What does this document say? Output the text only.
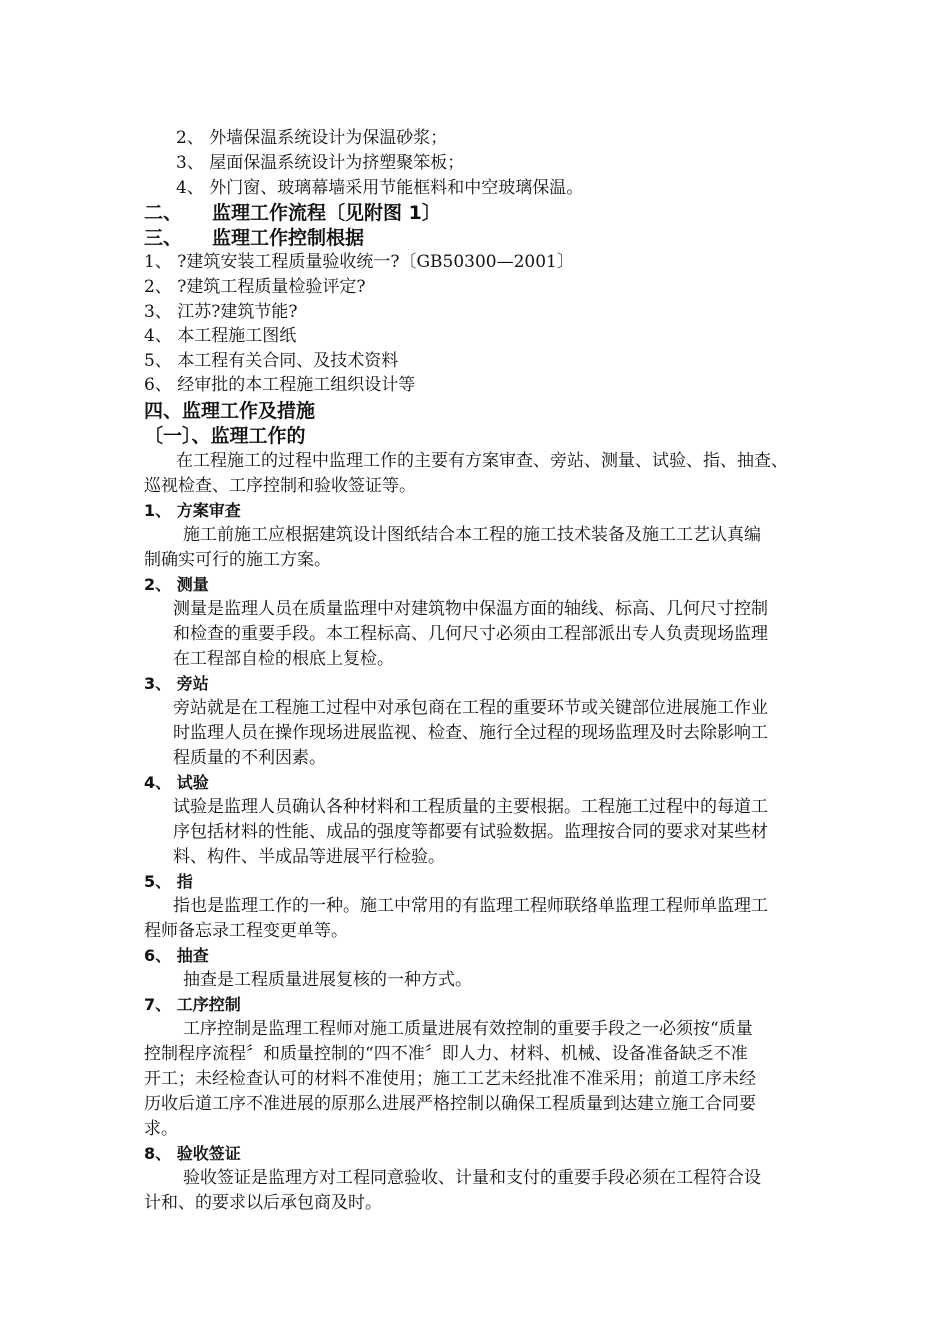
2、 外墙保温系统设计为保温砂浆；
3、 屋面保温系统设计为挤塑聚笨板；
4、 外门窗、玻璃幕墙采用节能框料和中空玻璃保温。
二、 监理工作流程〔见附图 1〕
三、 监理工作控制根据
1、 ?建筑安装工程质量验收统一?〔GB50300—2001〕
2、 ?建筑工程质量检验评定?
3、 江苏?建筑节能?
4、 本工程施工图纸
5、 本工程有关合同、及技术资料
6、 经审批的本工程施工组织设计等
四、监理工作及措施
〔一〕、监理工作的
在工程施工的过程中监理工作的主要有方案审查、旁站、测量、试验、指、抽查、
巡视检查、工序控制和验收签证等。
1、 方案审查
施工前施工应根据建筑设计图纸结合本工程的施工技术装备及施工工艺认真编
制确实可行的施工方案。
2、 测量
测量是监理人员在质量监理中对建筑物中保温方面的轴线、标高、几何尺寸控制
和检查的重要手段。本工程标高、几何尺寸必须由工程部派出专人负责现场监理
在工程部自检的根底上复检。
3、 旁站
旁站就是在工程施工过程中对承包商在工程的重要环节或关键部位进展施工作业
时监理人员在操作现场进展监视、检查、施行全过程的现场监理及时去除影响工
程质量的不利因素。
4、 试验
试验是监理人员确认各种材料和工程质量的主要根据。工程施工过程中的每道工
序包括材料的性能、成品的强度等都要有试验数据。监理按合同的要求对某些材
料、构件、半成品等进展平行检验。
5、 指
指也是监理工作的一种。施工中常用的有监理工程师联络单监理工程师单监理工
程师备忘录工程变更单等。
6、 抽查
抽查是工程质量进展复核的一种方式。
7、 工序控制
工序控制是监理工程师对施工质量进展有效控制的重要手段之一必须按“质量
控制程序流程〞和质量控制的“四不准〞即人力、材料、机械、设备准备缺乏不准
开工；未经检查认可的材料不准使用；施工工艺未经批准不准采用；前道工序未经
历收后道工序不准进展的原那么进展严格控制以确保工程质量到达建立施工合同要
求。
8、 验收签证
验收签证是监理方对工程同意验收、计量和支付的重要手段必须在工程符合设
计和、的要求以后承包商及时。
